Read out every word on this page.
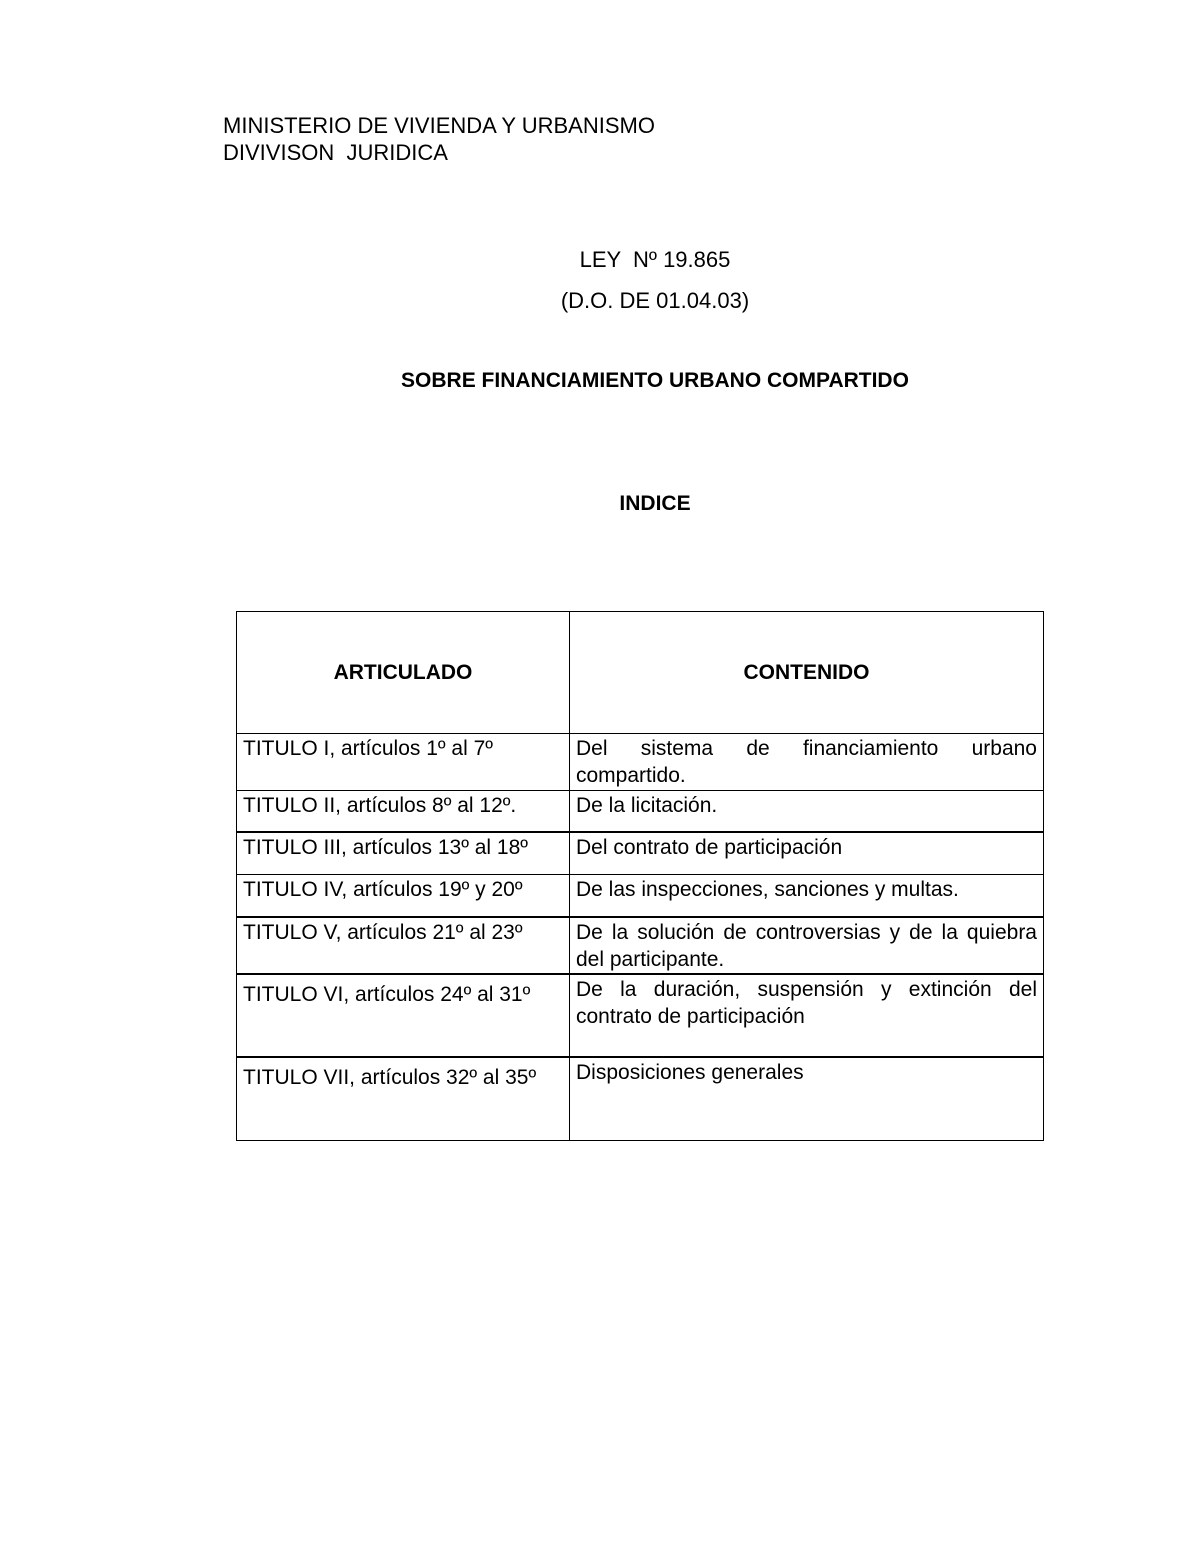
MINISTERIO DE VIVIENDA Y URBANISMO
DIVIVISON  JURIDICA
LEY  Nº 19.865
(D.O. DE 01.04.03)
SOBRE FINANCIAMIENTO URBANO COMPARTIDO
INDICE
ARTICULADO	CONTENIDO
TITULO I, artículos 1º al 7º	Del sistema de financiamiento urbano compartido.
TITULO II, artículos 8º al 12º.	De la licitación.
TITULO III, artículos 13º al 18º	Del contrato de participación
TITULO IV, artículos 19º y 20º	De las inspecciones, sanciones y multas.
TITULO V, artículos 21º al 23º	De la solución de controversias y de la quiebra del participante.
TITULO VI, artículos 24º al 31º	De la duración, suspensión y extinción del contrato de participación
TITULO VII, artículos 32º al 35º	Disposiciones generales
